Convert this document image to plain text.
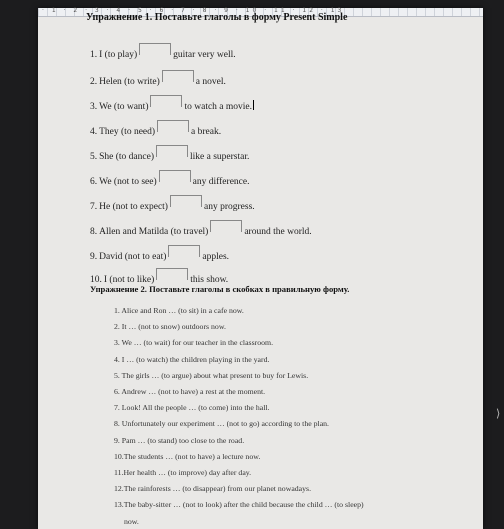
· 1 · 2 · 3 · 4 · 5 · 6 · 7 · 8 · 9 · 10 · 11 · 12 · 13
Упражнение 1. Поставьте глаголы в форму Present Simple
1. I (to play)	guitar very well.
2. Helen (to write)	a novel.
3. We (to want)	to watch a movie.
4. They (to need)	a break.
5. She (to dance)	like a superstar.
6. We (not to see)	any difference.
7. He (not to expect)	any progress.
8. Allen and Matilda (to travel)	around the world.
9. David (not to eat)	apples.
10. I (not to like)	this show.
Упражнение 2. Поставьте глаголы в скобках в правильную форму.
1. Alice and Ron … (to sit) in a cafe now.
2. It … (not to snow) outdoors now.
3. We … (to wait) for our teacher in the classroom.
4. I … (to watch) the children playing in the yard.
5. The girls … (to argue) about what present to buy for Lewis.
6. Andrew … (not to have) a rest at the moment.
7. Look! All the people … (to come) into the hall.
8. Unfortunately our experiment … (not to go) according to the plan.
9. Pam … (to stand) too close to the road.
10.The students … (not to have) a lecture now.
11.Her health … (to improve) day after day.
12.The rainforests … (to disappear) from our planet nowadays.
13.The baby-sitter … (not to look) after the child because the child … (to sleep)
now.
⟩
